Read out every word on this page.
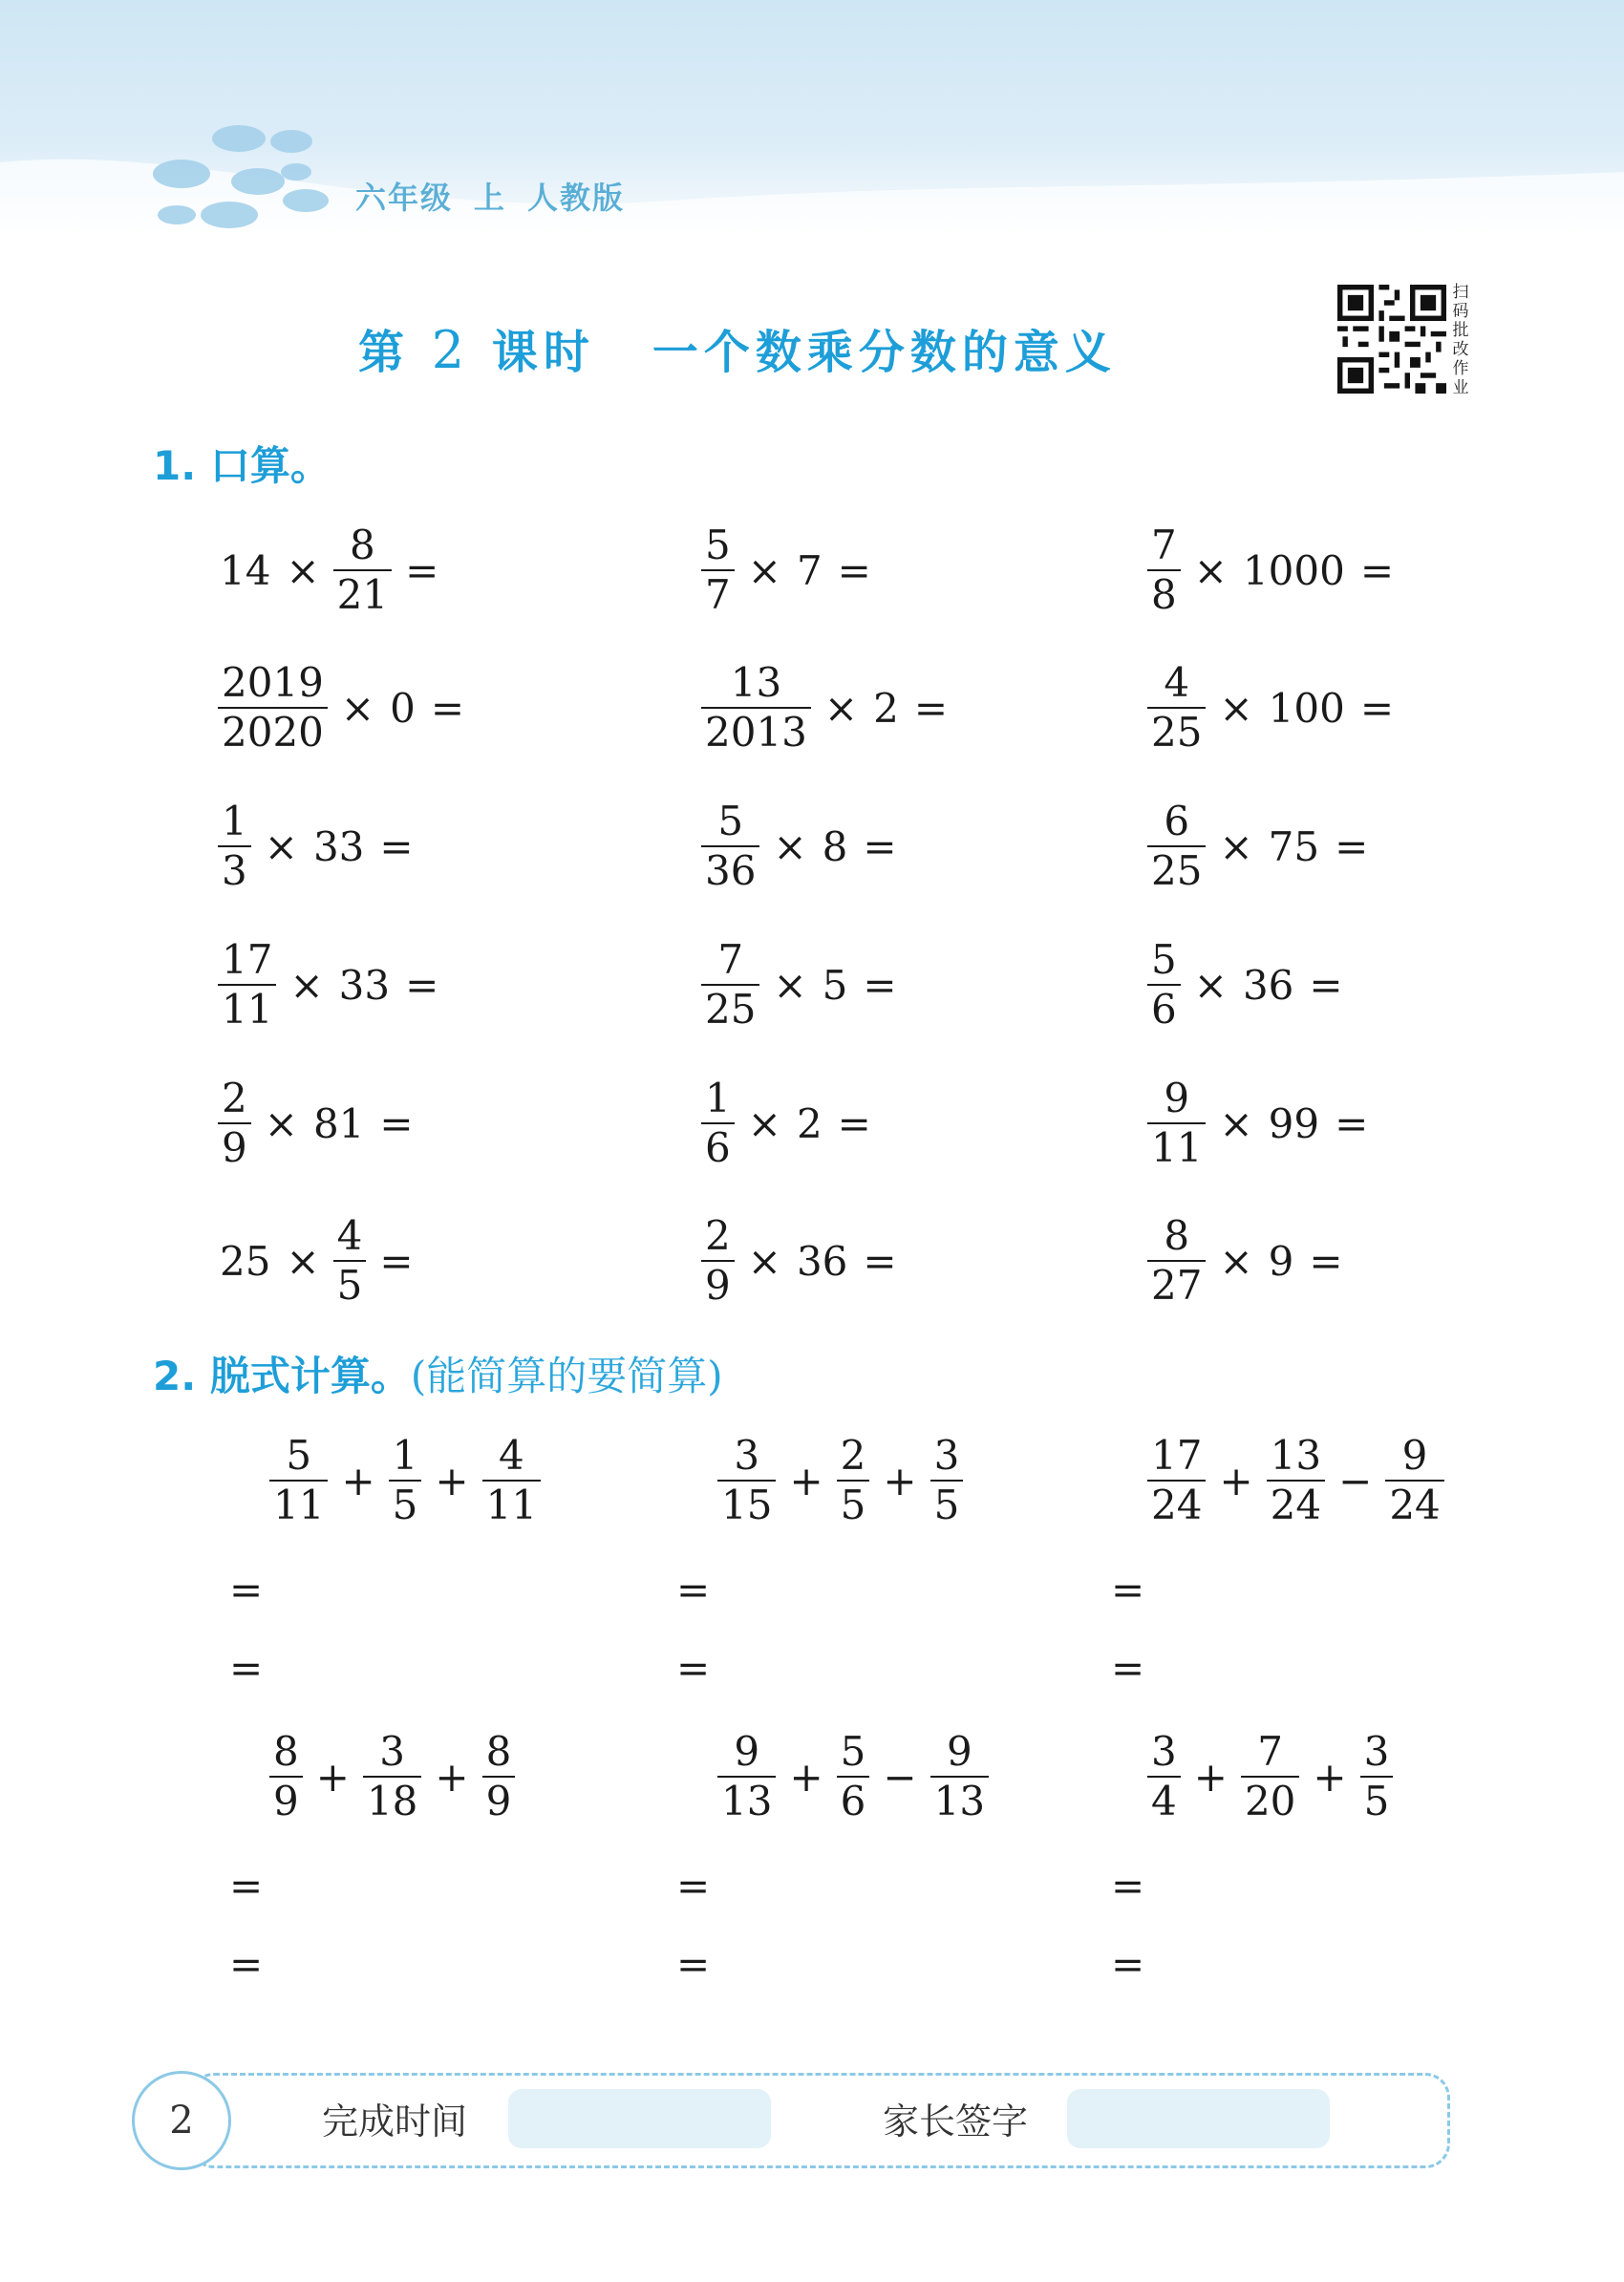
六年级 上 人教版
第 2 课时 一个数乘分数的意义
扫
码
批
改
作
业
1. 口算。
$14 \times \frac{8}{21}$ =	$\frac{5}{7} \times 7$ =	$\frac{7}{8} \times 1000$ =
$\frac{2019}{2020} \times 0$ =	$\frac{13}{2013} \times 2$ =	$\frac{4}{25} \times 100$ =
$\frac{1}{3} \times 33$ =	$\frac{5}{36} \times 8$ =	$\frac{6}{25} \times 75$ =
$\frac{17}{11} \times 33$ =	$\frac{7}{25} \times 5$ =	$\frac{5}{6} \times 36$ =
$\frac{2}{9} \times 81$ =	$\frac{1}{6} \times 2$ =	$\frac{9}{11} \times 99$ =
$25 \times \frac{4}{5}$ =	$\frac{2}{9} \times 36$ =	$\frac{8}{27} \times 9$ =
2. 脱式计算。(能简算的要简算)
$\frac{5}{11} + \frac{1}{5} + \frac{4}{11}$
=
=
$\frac{3}{15} + \frac{2}{5} + \frac{3}{5}$
=
=
$\frac{17}{24} + \frac{13}{24} - \frac{9}{24}$
=
=
$\frac{8}{9} + \frac{3}{18} + \frac{8}{9}$
=
=
$\frac{9}{13} + \frac{5}{6} - \frac{9}{13}$
=
=
$\frac{3}{4} + \frac{7}{20} + \frac{3}{5}$
=
=
2	完成时间	家长签字
